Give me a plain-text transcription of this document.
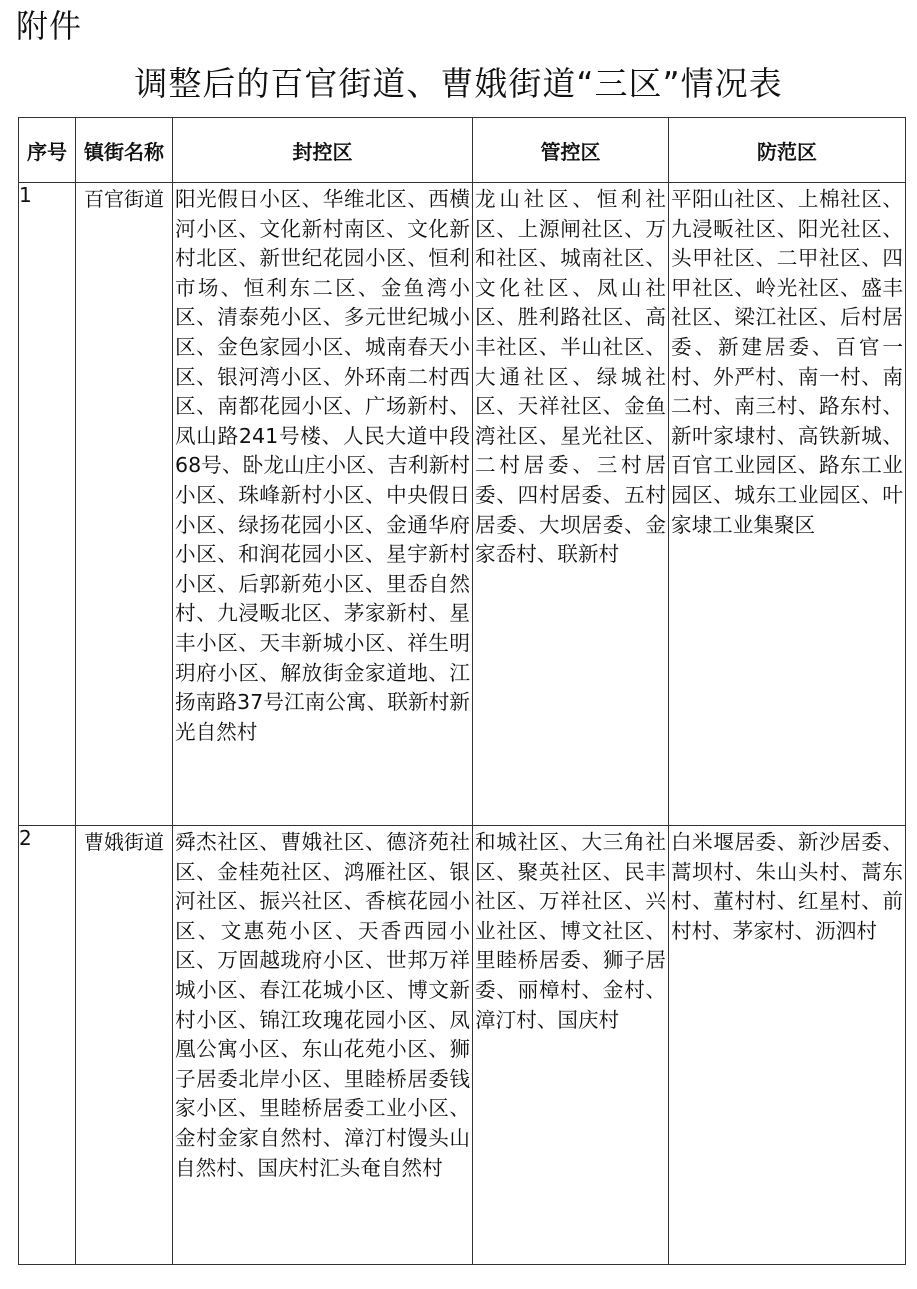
附件
调整后的百官街道、曹娥街道“三区”情况表
序号	镇街名称	封控区	管控区	防范区
1	百官街道	阳光假日小区、华维北区、西横河小区、文化新村南区、文化新村北区、新世纪花园小区、恒利市场、恒利东二区、金鱼湾小区、清泰苑小区、多元世纪城小区、金色家园小区、城南春天小区、银河湾小区、外环南二村西区、南都花园小区、广场新村、凤山路241号楼、人民大道中段68号、卧龙山庄小区、吉利新村小区、珠峰新村小区、中央假日小区、绿扬花园小区、金通华府小区、和润花园小区、星宇新村小区、后郭新苑小区、里岙自然村、九浸畈北区、茅家新村、星丰小区、天丰新城小区、祥生明玥府小区、解放街金家道地、江扬南路37号江南公寓、联新村新光自然村	龙山社区、恒利社区、上源闸社区、万和社区、城南社区、文化社区、凤山社区、胜利路社区、高丰社区、半山社区、大通社区、绿城社区、天祥社区、金鱼湾社区、星光社区、二村居委、三村居委、四村居委、五村居委、大坝居委、金家岙村、联新村	平阳山社区、上棉社区、九浸畈社区、阳光社区、头甲社区、二甲社区、四甲社区、岭光社区、盛丰社区、梁江社区、后村居委、新建居委、百官一村、外严村、南一村、南二村、南三村、路东村、新叶家埭村、高铁新城、百官工业园区、路东工业园区、城东工业园区、叶家埭工业集聚区

2	曹娥街道	舜杰社区、曹娥社区、德济苑社区、金桂苑社区、鸿雁社区、银河社区、振兴社区、香槟花园小区、文惠苑小区、天香西园小区、万固越珑府小区、世邦万祥城小区、春江花城小区、博文新村小区、锦江玫瑰花园小区、凤凰公寓小区、东山花苑小区、狮子居委北岸小区、里睦桥居委钱家小区、里睦桥居委工业小区、金村金家自然村、漳汀村馒头山自然村、国庆村汇头奄自然村	和城社区、大三角社区、聚英社区、民丰社区、万祥社区、兴业社区、博文社区、里睦桥居委、狮子居委、丽樟村、金村、漳汀村、国庆村	白米堰居委、新沙居委、蒿坝村、朱山头村、蒿东村、董村村、红星村、前村村、茅家村、沥泗村
